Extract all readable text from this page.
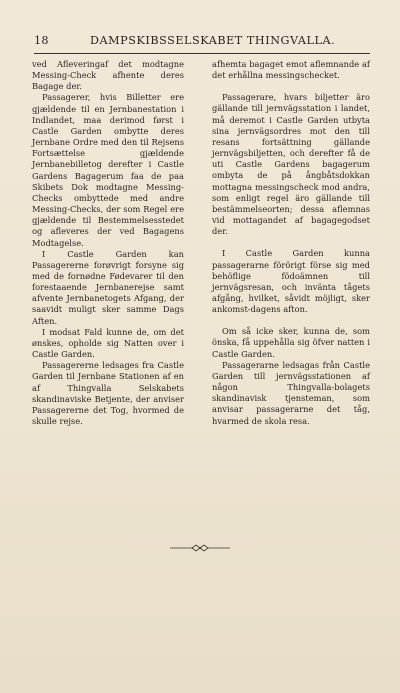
18	DAMPSKIBSSELSKABET THINGVALLA.

ved Afleveringaf det modtagne Messing-Check afhente deres Bagage der.

Passagerer, hvis Billetter ere gjældende til en Jernbanestation i Indlandet, maa derimod først i Castle Garden ombytte deres Jernbane Ordre med den til Rejsens Fortsættelse gjældende Jernbanebilletog derefter i Castle Gardens Bagagerum faa de paa Skibets Dok modtagne Messing-Checks ombyttede med andre Messing-Checks, der som Regel ere gjældende til Bestemmelsesstedet og afleveres der ved Bagagens Modtagelse.

I Castle Garden kan Passagererne forøvrigt forsyne sig med de fornødne Fødevarer til den forestaaende Jernbanerejse samt afvente Jernbanetogets Afgang, der saavidt muligt sker samme Dags Aften.

I modsat Fald kunne de, om det ønskes, opholde sig Natten over i Castle Garden.

Passagererne ledsages fra Castle Garden til Jernbane Stationen af en af Thingvalla Selskabets skandinaviske Betjente, der anviser Passagererne det Tog, hvormed de skulle rejse.

afhemta bagaget emot aflemnande af det erhållna messingschecket.

Passagerare, hvars biljetter äro gällande till jernvägsstation i landet, må deremot i Castle Garden utbyta sina jernvägsordres mot den till resans fortsättning gällande jernvägsbiljetten, och derefter få de uti Castle Gardens bagagerum ombyta de på ångbåtsdokkan mottagna messingscheck mod andra, som enligt regel äro gällande till bestämmelseorten; dessa aflemnas vid mottagandet af bagagegodset der.

I Castle Garden kunna passagerarne förörigt förse sig med behöflige födoämnen till jernvägsresan, och invänta tågets afgång, hvilket, såvidt möjligt, sker ankomst-dagens afton.

Om så icke sker, kunna de, som önska, få uppehålla sig öfver natten i Castle Garden.

Passagerarne ledsagas från Castle Garden till jernvägsstationen af någon Thingvalla-bolagets skandinavisk tjensteman, som anvisar passagerarne det tåg, hvarmed de skola resa.
